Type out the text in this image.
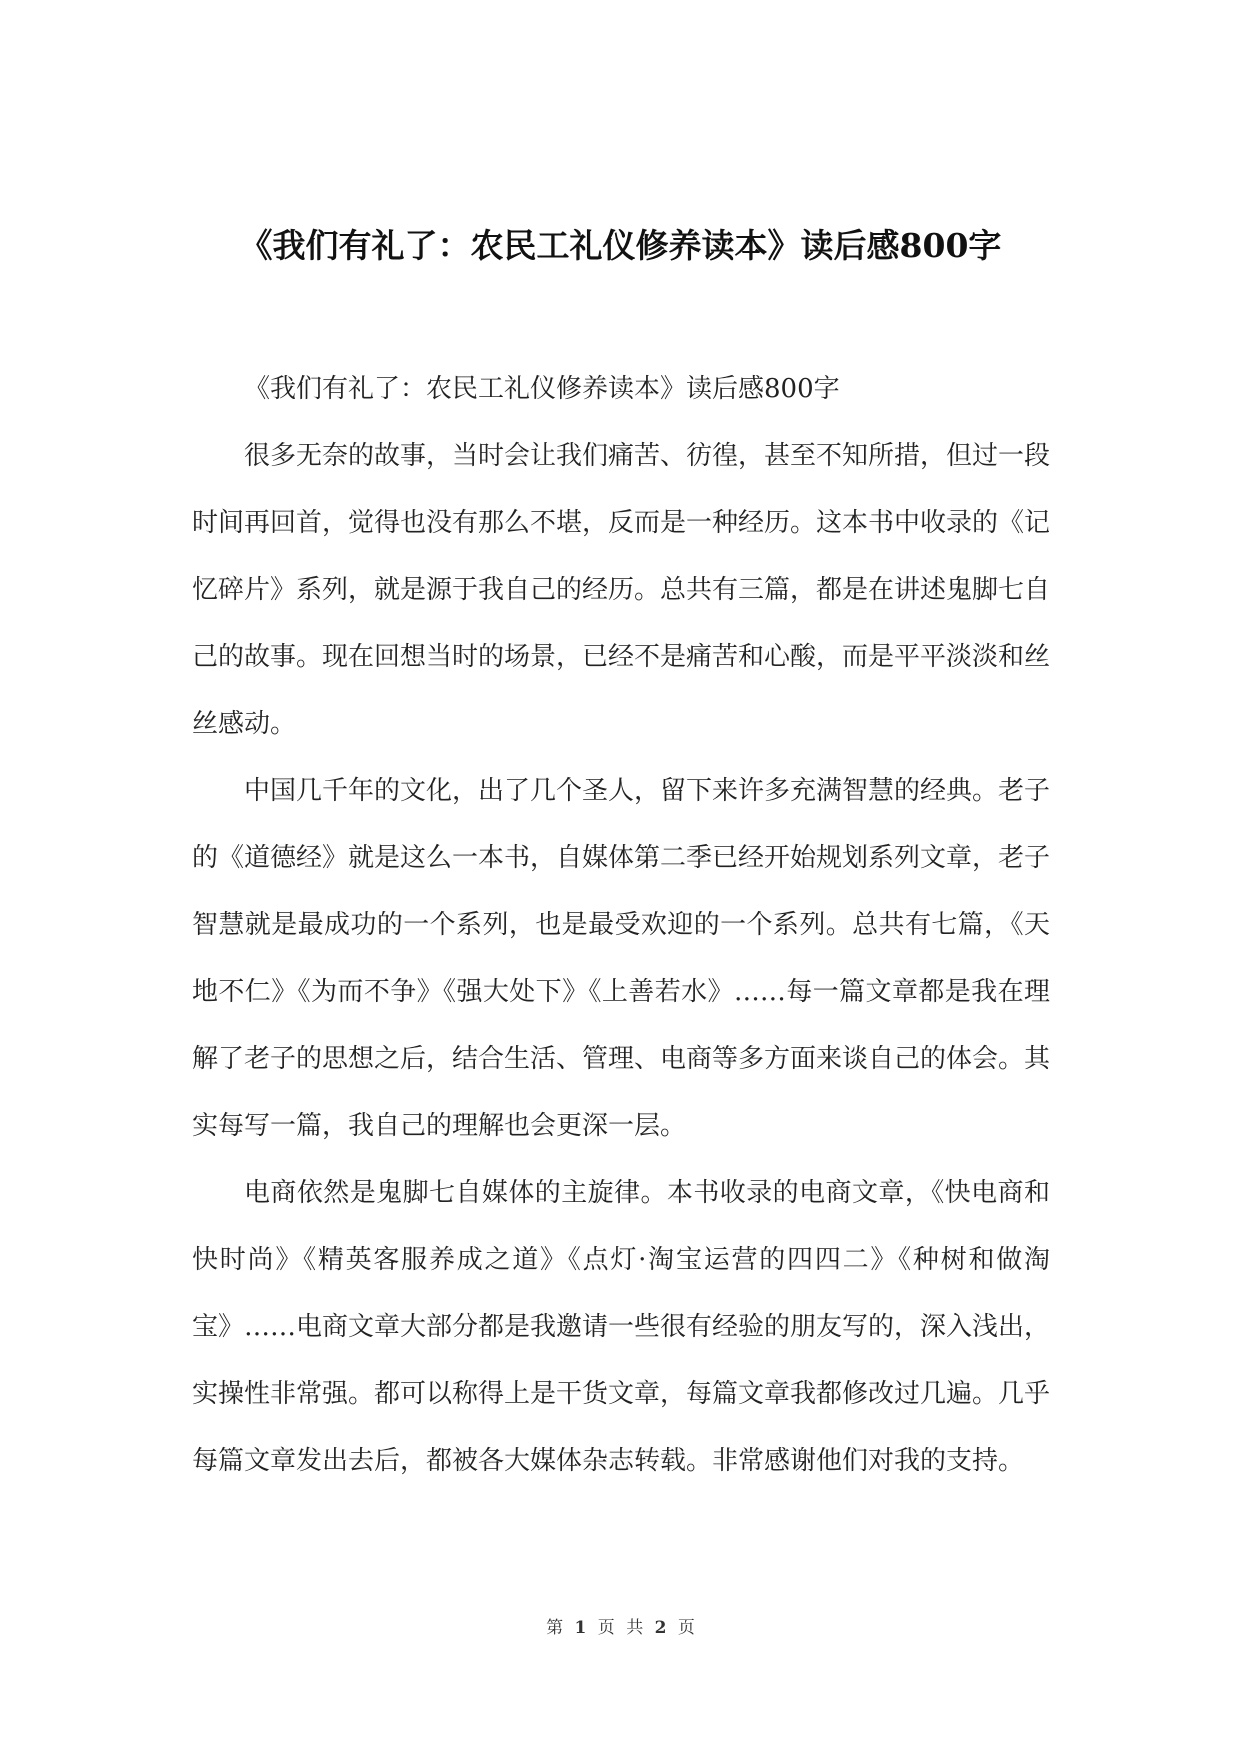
《我们有礼了：农民工礼仪修养读本》读后感800字

《我们有礼了：农民工礼仪修养读本》读后感800字

很多无奈的故事，当时会让我们痛苦、彷徨，甚至不知所措，但过一段时间再回首，觉得也没有那么不堪，反而是一种经历。这本书中收录的《记忆碎片》系列，就是源于我自己的经历。总共有三篇，都是在讲述鬼脚七自己的故事。现在回想当时的场景，已经不是痛苦和心酸，而是平平淡淡和丝丝感动。

中国几千年的文化，出了几个圣人，留下来许多充满智慧的经典。老子的《道德经》就是这么一本书，自媒体第二季已经开始规划系列文章，老子智慧就是最成功的一个系列，也是最受欢迎的一个系列。总共有七篇，《天地不仁》《为而不争》《强大处下》《上善若水》……每一篇文章都是我在理解了老子的思想之后，结合生活、管理、电商等多方面来谈自己的体会。其实每写一篇，我自己的理解也会更深一层。

电商依然是鬼脚七自媒体的主旋律。本书收录的电商文章，《快电商和快时尚》《精英客服养成之道》《点灯·淘宝运营的四四二》《种树和做淘宝》……电商文章大部分都是我邀请一些很有经验的朋友写的，深入浅出，实操性非常强。都可以称得上是干货文章，每篇文章我都修改过几遍。几乎每篇文章发出去后，都被各大媒体杂志转载。非常感谢他们对我的支持。

第 1 页 共 2 页
